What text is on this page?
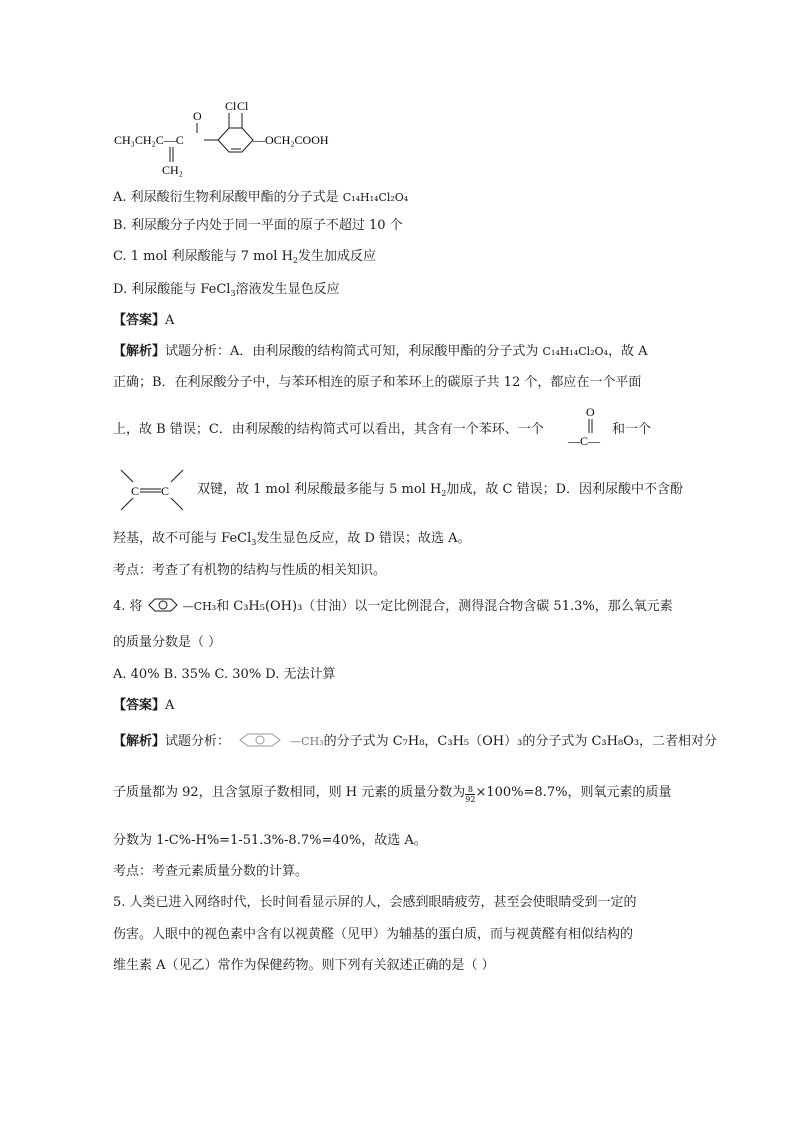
O
Cl Cl
CH₃CH₂C—C	—OCH₂COOH
CH₂
A. 利尿酸衍生物利尿酸甲酯的分子式是 C₁₄H₁₄Cl₂O₄
B. 利尿酸分子内处于同一平面的原子不超过 10 个
C. 1 mol 利尿酸能与 7 mol $H_2$发生加成反应
D. 利尿酸能与 FeCl$_3$溶液发生显色反应
【答案】A
【解析】试题分析：A．由利尿酸的结构简式可知，利尿酸甲酯的分子式为 C₁₄H₁₄Cl₂O₄，故 A
正确；B．在利尿酸分子中，与苯环相连的原子和苯环上的碳原子共 12 个，都应在一个平面
上，故 B 错误；C．由利尿酸的结构简式可以看出，其含有一个苯环、一个
O
—C—
和一个
C C 双键，故 1 mol 利尿酸最多能与 5 mol $H_2$加成，故 C 错误；D．因利尿酸中不含酚
羟基，故不可能与 FeCl$_3$发生显色反应，故 D 错误；故选 A。
考点：考查了有机物的结构与性质的相关知识。
4. 将	—CH₃和 C₃H₅(OH)₃（甘油）以一定比例混合，测得混合物含碳 51.3%，那么氧元素
的质量分数是（ ）
A. 40% B. 35% C. 30% D. 无法计算
【答案】A
【解析】试题分析：	—CH₃的分子式为 C₇H₈，C₃H₅（OH）₃的分子式为 C₃H₈O₃，二者相对分
子质量都为 92，且含氢原子数相同，则 H 元素的质量分数为 $\frac{8}{92} \times 100\%=8.7\%$，则氧元素的质量
分数为 1-C%-H%=1-51.3%-8.7%=40%，故选 A。
考点：考查元素质量分数的计算。
5. 人类已进入网络时代，长时间看显示屏的人，会感到眼睛疲劳，甚至会使眼睛受到一定的
伤害。人眼中的视色素中含有以视黄醛（见甲）为辅基的蛋白质，而与视黄醛有相似结构的
维生素 A（见乙）常作为保健药物。则下列有关叙述正确的是（ ）
